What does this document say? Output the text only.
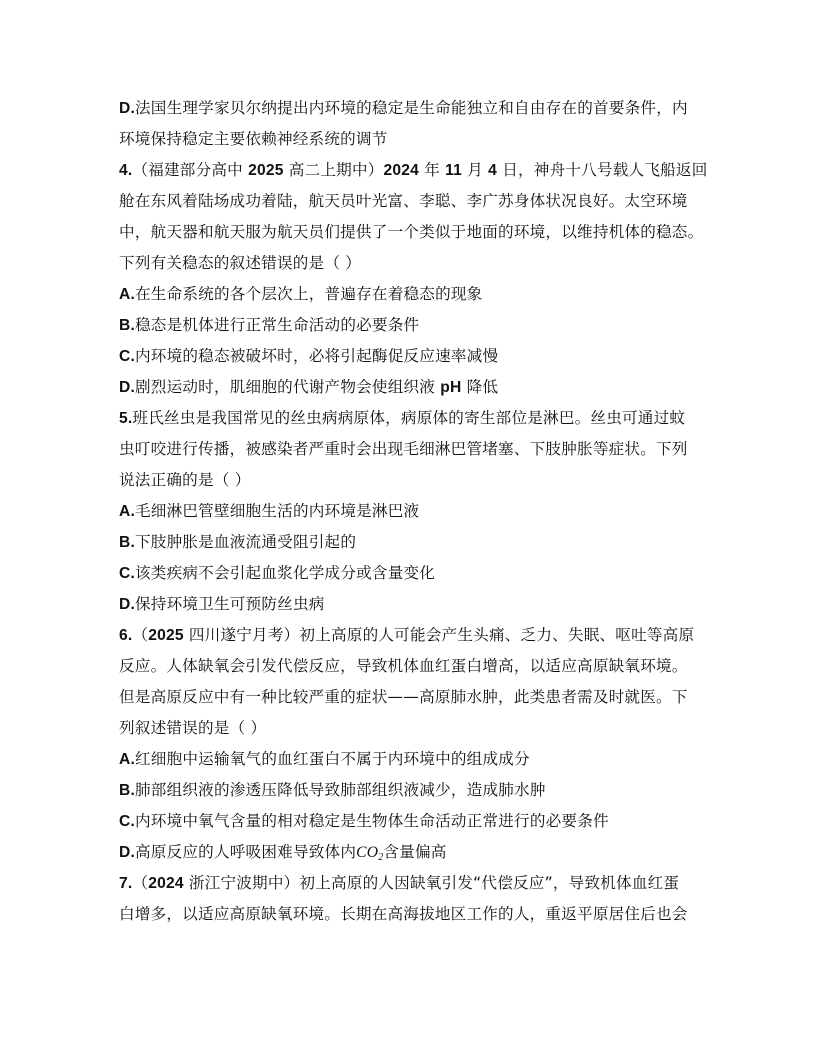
D.法国生理学家贝尔纳提出内环境的稳定是生命能独立和自由存在的首要条件，内
环境保持稳定主要依赖神经系统的调节
4.（福建部分高中 2025 高二上期中）2024 年 11 月 4 日，神舟十八号载人飞船返回
舱在东风着陆场成功着陆，航天员叶光富、李聪、李广苏身体状况良好。太空环境
中，航天器和航天服为航天员们提供了一个类似于地面的环境，以维持机体的稳态。
下列有关稳态的叙述错误的是（ ）
A.在生命系统的各个层次上，普遍存在着稳态的现象
B.稳态是机体进行正常生命活动的必要条件
C.内环境的稳态被破坏时，必将引起酶促反应速率减慢
D.剧烈运动时，肌细胞的代谢产物会使组织液 pH 降低
5.班氏丝虫是我国常见的丝虫病病原体，病原体的寄生部位是淋巴。丝虫可通过蚊
虫叮咬进行传播，被感染者严重时会出现毛细淋巴管堵塞、下肢肿胀等症状。下列
说法正确的是（ ）
A.毛细淋巴管壁细胞生活的内环境是淋巴液
B.下肢肿胀是血液流通受阻引起的
C.该类疾病不会引起血浆化学成分或含量变化
D.保持环境卫生可预防丝虫病
6.（2025 四川遂宁月考）初上高原的人可能会产生头痛、乏力、失眠、呕吐等高原
反应。人体缺氧会引发代偿反应，导致机体血红蛋白增高，以适应高原缺氧环境。
但是高原反应中有一种比较严重的症状——高原肺水肿，此类患者需及时就医。下
列叙述错误的是（ ）
A.红细胞中运输氧气的血红蛋白不属于内环境中的组成成分
B.肺部组织液的渗透压降低导致肺部组织液减少，造成肺水肿
C.内环境中氧气含量的相对稳定是生物体生命活动正常进行的必要条件
D.高原反应的人呼吸困难导致体内$CO_2$含量偏高
7.（2024 浙江宁波期中）初上高原的人因缺氧引发“代偿反应”，导致机体血红蛋
白增多，以适应高原缺氧环境。长期在高海拔地区工作的人，重返平原居住后也会
